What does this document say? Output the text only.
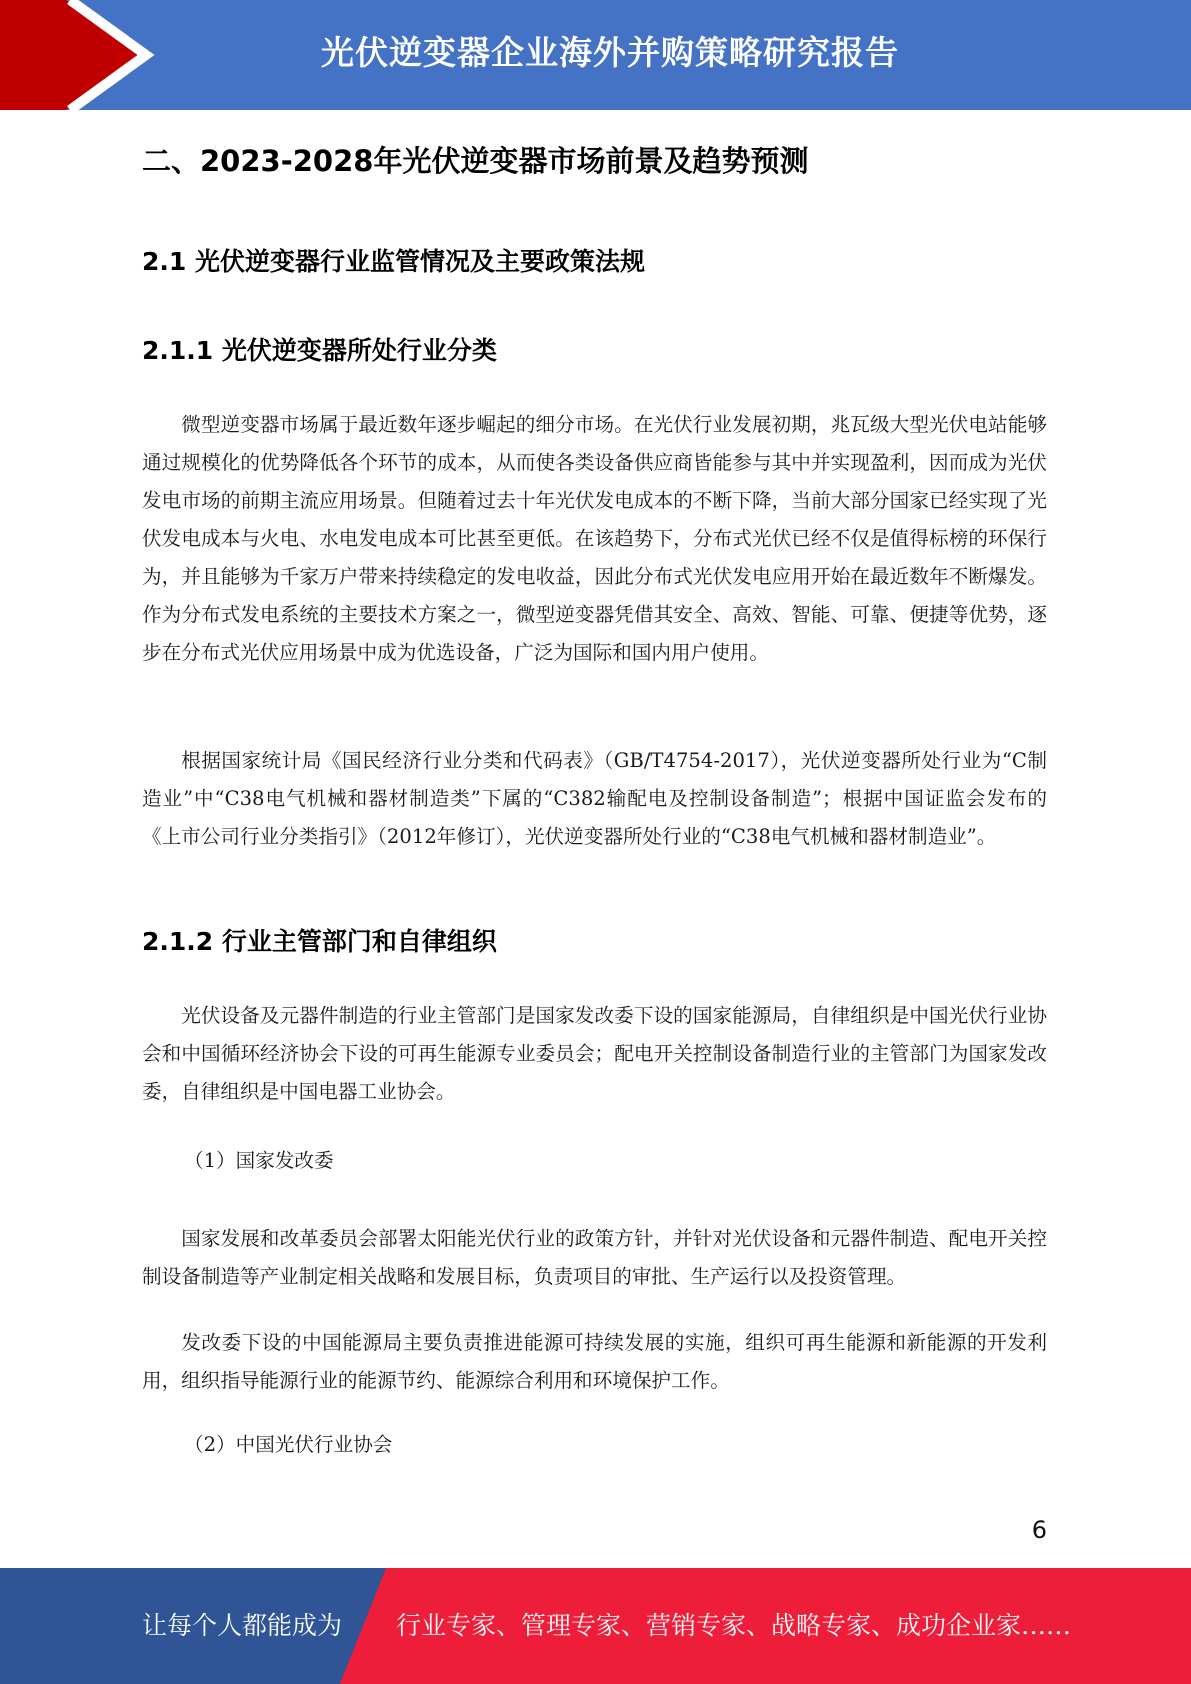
光伏逆变器企业海外并购策略研究报告
二、2023-2028年光伏逆变器市场前景及趋势预测
2.1 光伏逆变器行业监管情况及主要政策法规
2.1.1 光伏逆变器所处行业分类

微型逆变器市场属于最近数年逐步崛起的细分市场。在光伏行业发展初期，兆瓦级大型光伏电站能够通过规模化的优势降低各个环节的成本，从而使各类设备供应商皆能参与其中并实现盈利，因而成为光伏发电市场的前期主流应用场景。但随着过去十年光伏发电成本的不断下降，当前大部分国家已经实现了光伏发电成本与火电、水电发电成本可比甚至更低。在该趋势下，分布式光伏已经不仅是值得标榜的环保行为，并且能够为千家万户带来持续稳定的发电收益，因此分布式光伏发电应用开始在最近数年不断爆发。作为分布式发电系统的主要技术方案之一，微型逆变器凭借其安全、高效、智能、可靠、便捷等优势，逐步在分布式光伏应用场景中成为优选设备，广泛为国际和国内用户使用。

根据国家统计局《国民经济行业分类和代码表》（GB/T4754-2017），光伏逆变器所处行业为“C制造业”中“C38电气机械和器材制造类”下属的“C382输配电及控制设备制造”；根据中国证监会发布的《上市公司行业分类指引》（2012年修订），光伏逆变器所处行业的“C38电气机械和器材制造业”。

2.1.2 行业主管部门和自律组织

光伏设备及元器件制造的行业主管部门是国家发改委下设的国家能源局，自律组织是中国光伏行业协会和中国循环经济协会下设的可再生能源专业委员会；配电开关控制设备制造行业的主管部门为国家发改委，自律组织是中国电器工业协会。

（1）国家发改委

国家发展和改革委员会部署太阳能光伏行业的政策方针，并针对光伏设备和元器件制造、配电开关控制设备制造等产业制定相关战略和发展目标，负责项目的审批、生产运行以及投资管理。

发改委下设的中国能源局主要负责推进能源可持续发展的实施，组织可再生能源和新能源的开发利用，组织指导能源行业的能源节约、能源综合利用和环境保护工作。

（2）中国光伏行业协会
6
让每个人都能成为 行业专家、管理专家、营销专家、战略专家、成功企业家……
